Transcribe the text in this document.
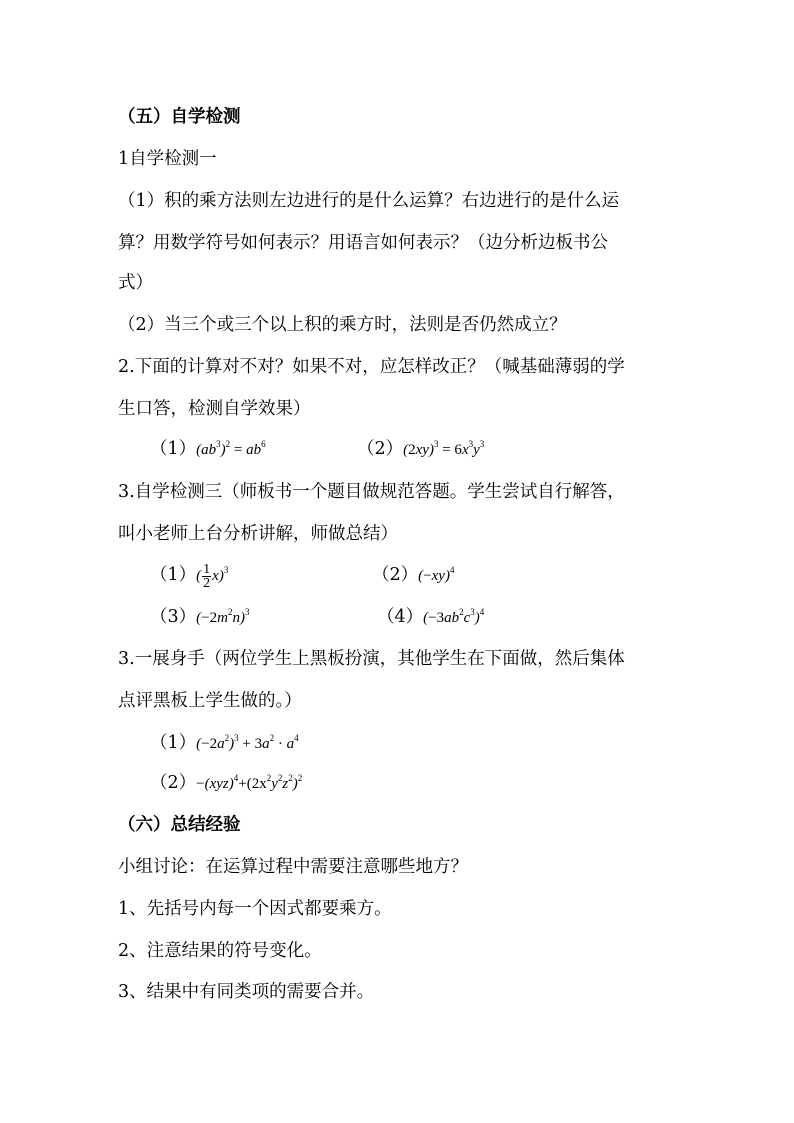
（五）自学检测
1自学检测一
（1）积的乘方法则左边进行的是什么运算？右边进行的是什么运
算？用数学符号如何表示？用语言如何表示？（边分析边板书公
式）
（2）当三个或三个以上积的乘方时，法则是否仍然成立？
2.下面的计算对不对？如果不对，应怎样改正？（喊基础薄弱的学
生口答，检测自学效果）
$(1)(ab^3)^2 = ab^6$	$(2)(2xy)^3 = 6x^3y^3$
3.自学检测三（师板书一个题目做规范答题。学生尝试自行解答，
叫小老师上台分析讲解，师做总结）
$(1)( \frac{1}{2} x)^3$	$(2)(-xy)^4$
$(3)(-2m^2n)^3$	$(4)(-3ab^2c^3)^4$
3.一展身手（两位学生上黑板扮演，其他学生在下面做，然后集体
点评黑板上学生做的。）
$(1)(-2a^2)^3 + 3a^2 \cdot a^4$
$(2)-(xyz)^4+(2x^2y^2z^2)^2$
（六）总结经验
小组讨论：在运算过程中需要注意哪些地方？
1、先括号内每一个因式都要乘方。
2、注意结果的符号变化。
3、结果中有同类项的需要合并。
